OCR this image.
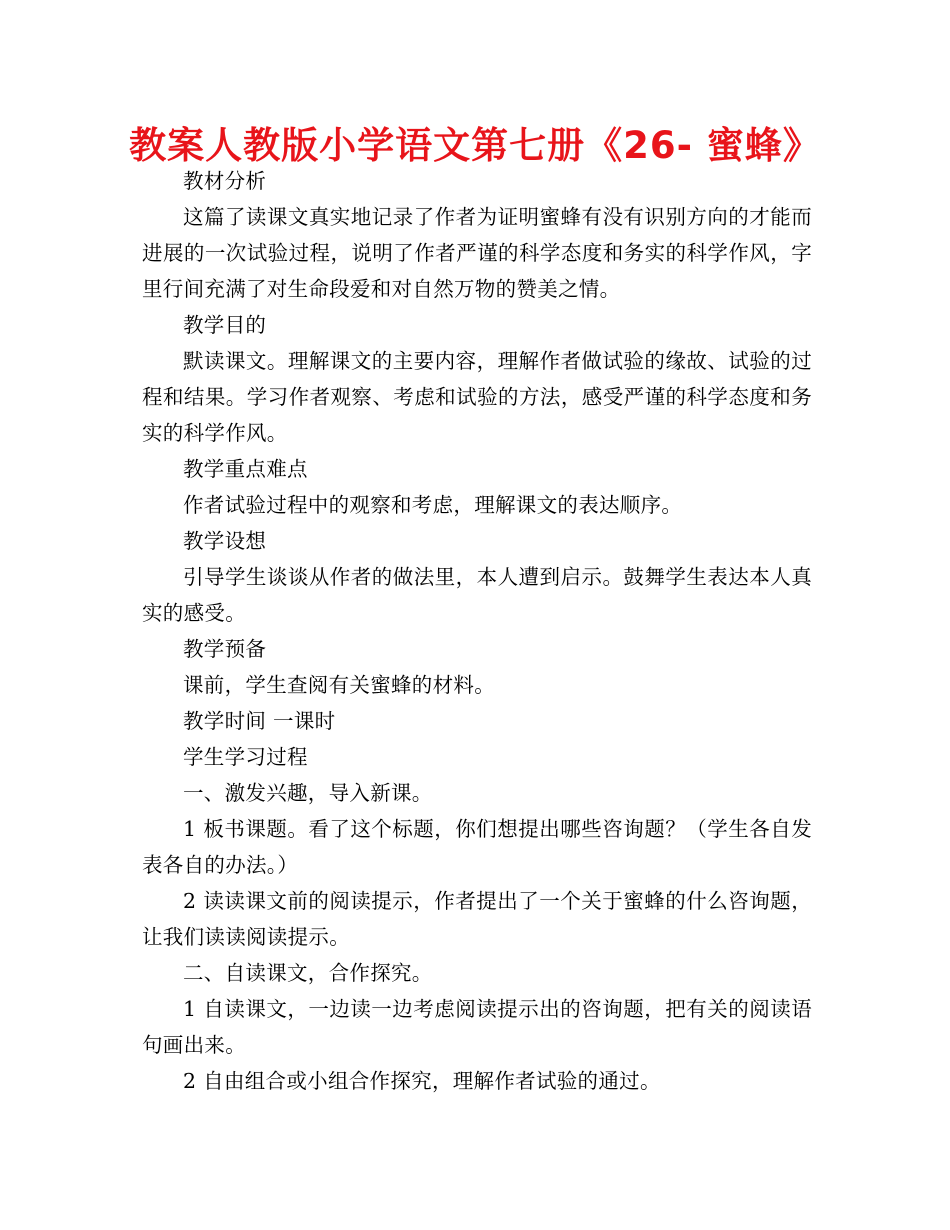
教案人教版小学语文第七册《26- 蜜蜂》

教材分析

这篇了读课文真实地记录了作者为证明蜜蜂有没有识别方向的才能而进展的一次试验过程，说明了作者严谨的科学态度和务实的科学作风，字里行间充满了对生命段爱和对自然万物的赞美之情。

教学目的

默读课文。理解课文的主要内容，理解作者做试验的缘故、试验的过程和结果。学习作者观察、考虑和试验的方法，感受严谨的科学态度和务实的科学作风。

教学重点难点

作者试验过程中的观察和考虑，理解课文的表达顺序。

教学设想

引导学生谈谈从作者的做法里，本人遭到启示。鼓舞学生表达本人真实的感受。

教学预备

课前，学生查阅有关蜜蜂的材料。

教学时间 一课时

学生学习过程

一、激发兴趣，导入新课。

1 板书课题。看了这个标题，你们想提出哪些咨询题？（学生各自发表各自的办法。）

2 读读课文前的阅读提示，作者提出了一个关于蜜蜂的什么咨询题，让我们读读阅读提示。

二、自读课文，合作探究。

1 自读课文，一边读一边考虑阅读提示出的咨询题，把有关的阅读语句画出来。

2 自由组合或小组合作探究，理解作者试验的通过。
